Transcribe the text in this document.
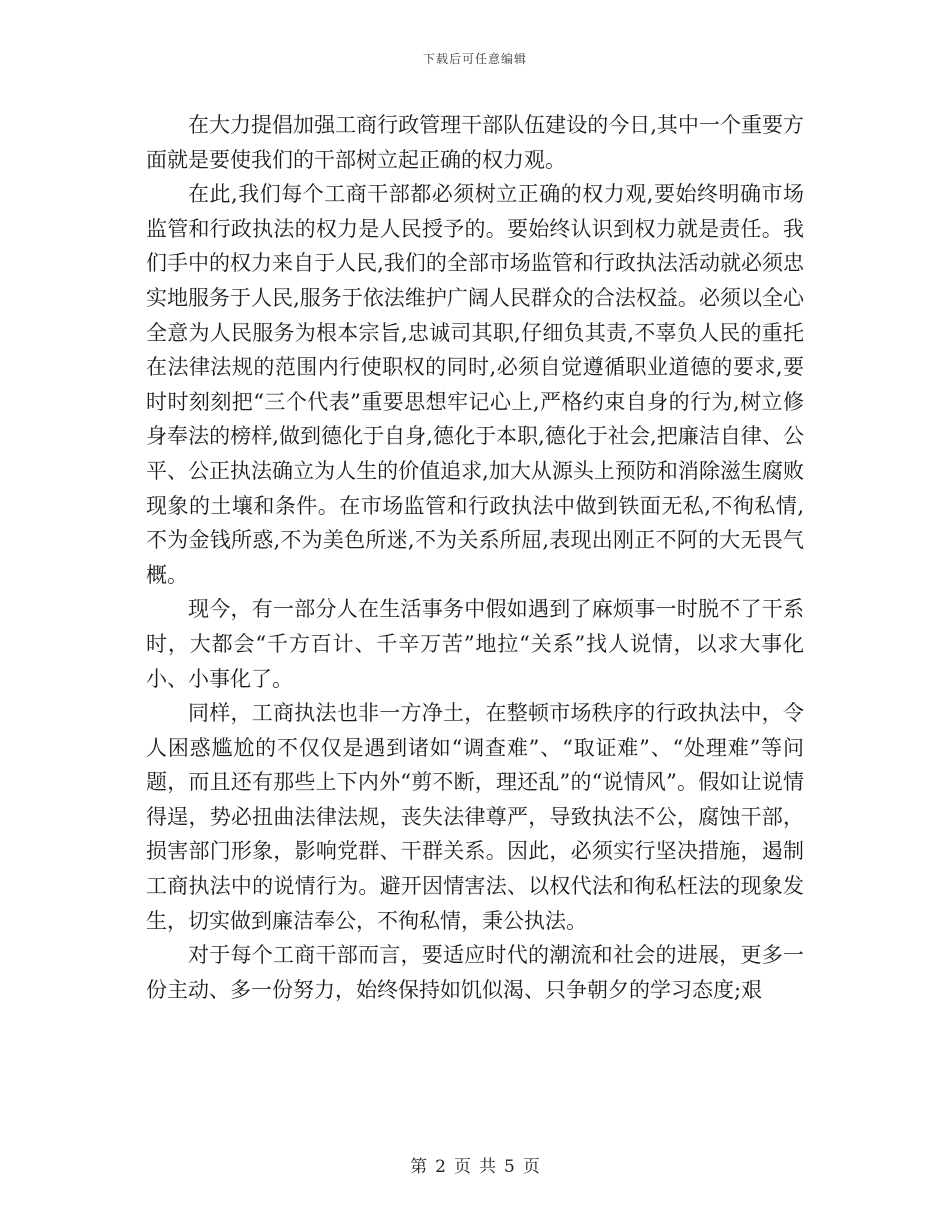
下载后可任意编辑

在大力提倡加强工商行政管理干部队伍建设的今日,其中一个重要方面就是要使我们的干部树立起正确的权力观。

在此,我们每个工商干部都必须树立正确的权力观,要始终明确市场监管和行政执法的权力是人民授予的。要始终认识到权力就是责任。我们手中的权力来自于人民,我们的全部市场监管和行政执法活动就必须忠实地服务于人民,服务于依法维护广阔人民群众的合法权益。必须以全心全意为人民服务为根本宗旨,忠诚司其职,仔细负其责,不辜负人民的重托在法律法规的范围内行使职权的同时,必须自觉遵循职业道德的要求,要时时刻刻把“三个代表”重要思想牢记心上,严格约束自身的行为,树立修身奉法的榜样,做到德化于自身,德化于本职,德化于社会,把廉洁自律、公平、公正执法确立为人生的价值追求,加大从源头上预防和消除滋生腐败现象的土壤和条件。在市场监管和行政执法中做到铁面无私,不徇私情,不为金钱所惑,不为美色所迷,不为关系所屈,表现出刚正不阿的大无畏气概。

现今，有一部分人在生活事务中假如遇到了麻烦事一时脱不了干系时，大都会“千方百计、千辛万苦”地拉“关系”找人说情，以求大事化小、小事化了。

同样，工商执法也非一方净土，在整顿市场秩序的行政执法中，令人困惑尴尬的不仅仅是遇到诸如“调查难”、“取证难”、“处理难”等问题，而且还有那些上下内外“剪不断，理还乱”的“说情风”。假如让说情得逞，势必扭曲法律法规，丧失法律尊严，导致执法不公，腐蚀干部，损害部门形象，影响党群、干群关系。因此，必须实行坚决措施，遏制工商执法中的说情行为。避开因情害法、以权代法和徇私枉法的现象发生，切实做到廉洁奉公，不徇私情，秉公执法。

对于每个工商干部而言，要适应时代的潮流和社会的进展，更多一份主动、多一份努力，始终保持如饥似渴、只争朝夕的学习态度;艰

第 2 页 共 5 页
